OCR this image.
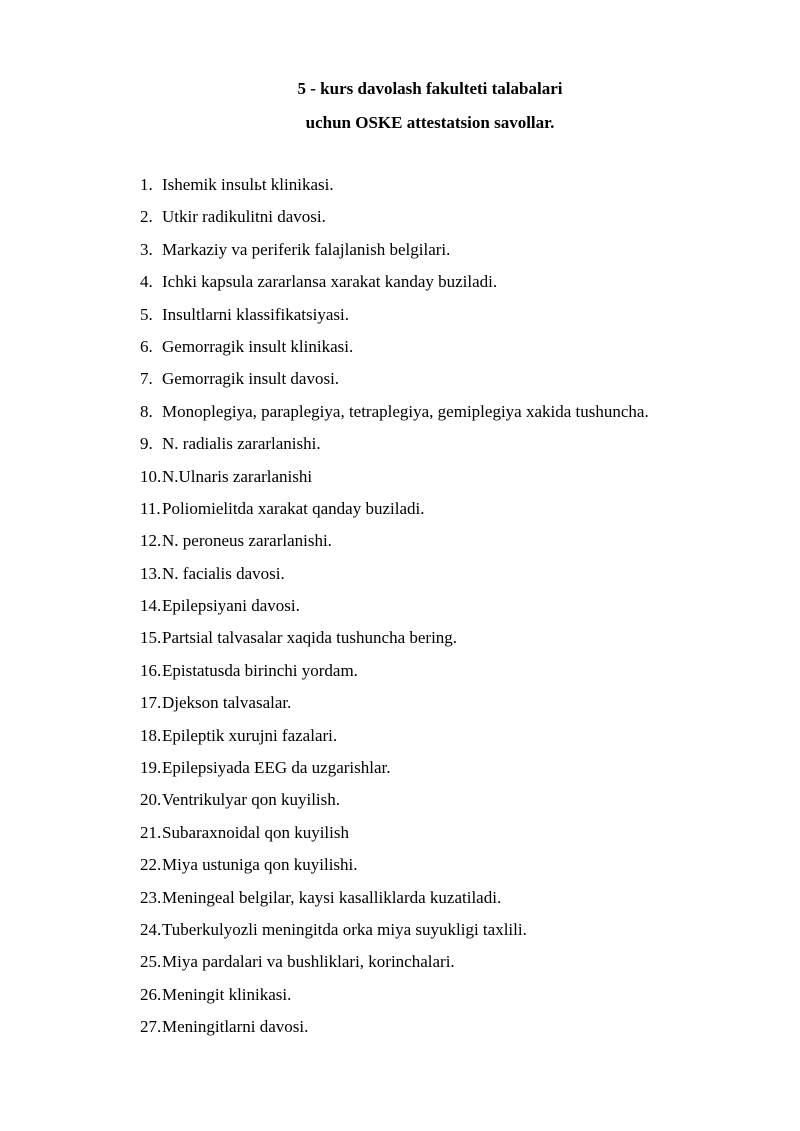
5 - kurs davolash fakulteti talabalari
uchun OSKE attestatsion savollar.
1. Ishemik insulьt klinikasi.
2. Utkir radikulitni davosi.
3. Markaziy va periferik falajlanish belgilari.
4. Ichki kapsula zararlansa xarakat kanday buziladi.
5. Insultlarni klassifikatsiyasi.
6. Gemorragik insult klinikasi.
7. Gemorragik insult davosi.
8. Monoplegiya, paraplegiya, tetraplegiya, gemiplegiya xakida tushuncha.
9. N. radialis zararlanishi.
10. N.Ulnaris zararlanishi
11. Poliomielitda xarakat qanday buziladi.
12. N. peroneus zararlanishi.
13. N. facialis davosi.
14. Epilepsiyani davosi.
15. Partsial talvasalar xaqida tushuncha bering.
16. Epistatusda birinchi yordam.
17. Djekson talvasalar.
18. Epileptik xurujni fazalari.
19. Epilepsiyada EEG da uzgarishlar.
20. Ventrikulyar qon kuyilish.
21. Subaraxnoidal qon kuyilish
22. Miya ustuniga qon kuyilishi.
23. Meningeal belgilar, kaysi kasalliklarda kuzatiladi.
24. Tuberkulyozli meningitda orka miya suyukligi taxlili.
25. Miya pardalari va bushliklari, korinchalari.
26. Meningit klinikasi.
27. Meningitlarni davosi.
